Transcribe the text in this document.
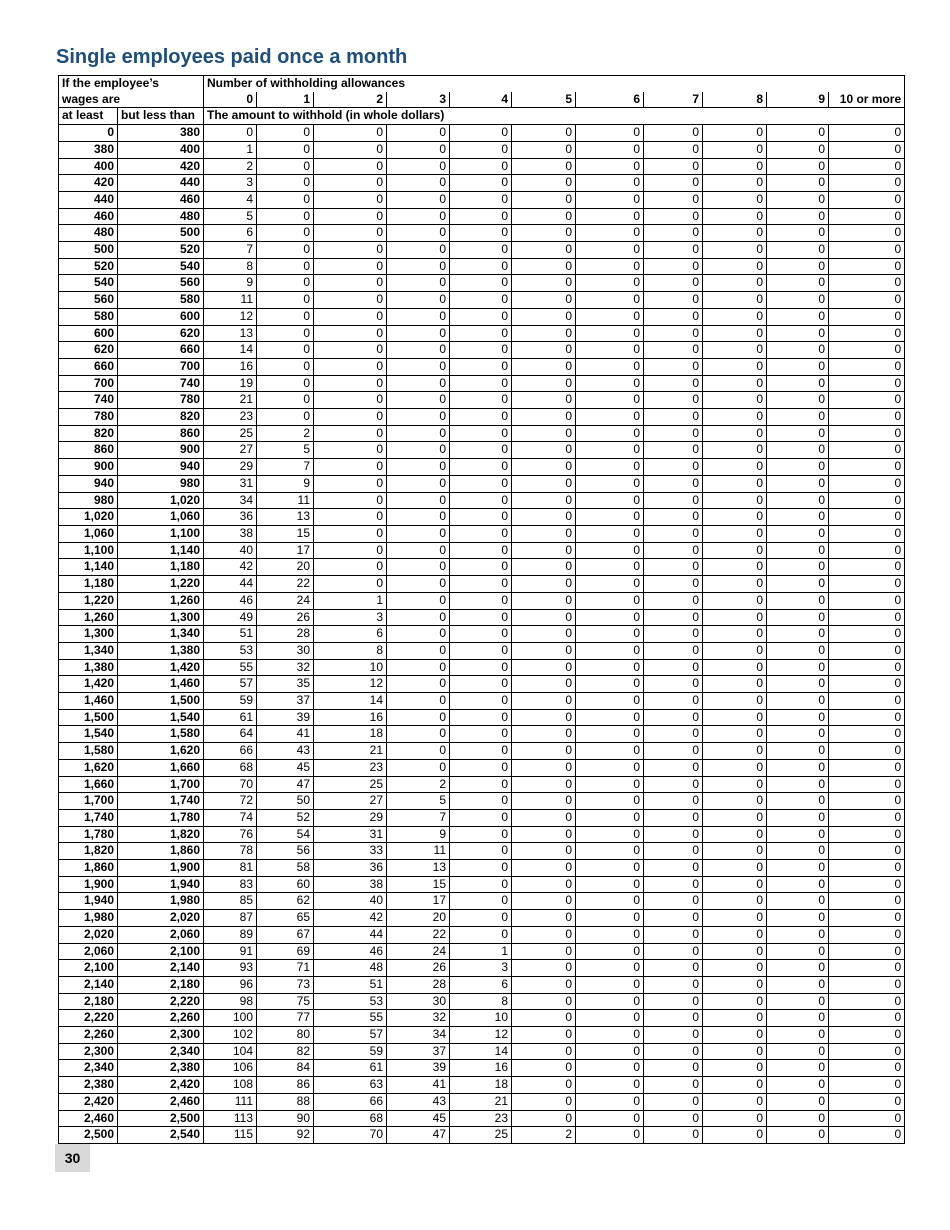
Single employees paid once a month
If the employee’s		Number of withholding allowances										
wages are		0	1	2	3	4	5	6	7	8	9	10 or more
at least	but less than	The amount to withhold (in whole dollars)										
0	380	0	0	0	0	0	0	0	0	0	0	0
380	400	1	0	0	0	0	0	0	0	0	0	0
400	420	2	0	0	0	0	0	0	0	0	0	0
420	440	3	0	0	0	0	0	0	0	0	0	0
440	460	4	0	0	0	0	0	0	0	0	0	0
460	480	5	0	0	0	0	0	0	0	0	0	0
480	500	6	0	0	0	0	0	0	0	0	0	0
500	520	7	0	0	0	0	0	0	0	0	0	0
520	540	8	0	0	0	0	0	0	0	0	0	0
540	560	9	0	0	0	0	0	0	0	0	0	0
560	580	11	0	0	0	0	0	0	0	0	0	0
580	600	12	0	0	0	0	0	0	0	0	0	0
600	620	13	0	0	0	0	0	0	0	0	0	0
620	660	14	0	0	0	0	0	0	0	0	0	0
660	700	16	0	0	0	0	0	0	0	0	0	0
700	740	19	0	0	0	0	0	0	0	0	0	0
740	780	21	0	0	0	0	0	0	0	0	0	0
780	820	23	0	0	0	0	0	0	0	0	0	0
820	860	25	2	0	0	0	0	0	0	0	0	0
860	900	27	5	0	0	0	0	0	0	0	0	0
900	940	29	7	0	0	0	0	0	0	0	0	0
940	980	31	9	0	0	0	0	0	0	0	0	0
980	1,020	34	11	0	0	0	0	0	0	0	0	0
1,020	1,060	36	13	0	0	0	0	0	0	0	0	0
1,060	1,100	38	15	0	0	0	0	0	0	0	0	0
1,100	1,140	40	17	0	0	0	0	0	0	0	0	0
1,140	1,180	42	20	0	0	0	0	0	0	0	0	0
1,180	1,220	44	22	0	0	0	0	0	0	0	0	0
1,220	1,260	46	24	1	0	0	0	0	0	0	0	0
1,260	1,300	49	26	3	0	0	0	0	0	0	0	0
1,300	1,340	51	28	6	0	0	0	0	0	0	0	0
1,340	1,380	53	30	8	0	0	0	0	0	0	0	0
1,380	1,420	55	32	10	0	0	0	0	0	0	0	0
1,420	1,460	57	35	12	0	0	0	0	0	0	0	0
1,460	1,500	59	37	14	0	0	0	0	0	0	0	0
1,500	1,540	61	39	16	0	0	0	0	0	0	0	0
1,540	1,580	64	41	18	0	0	0	0	0	0	0	0
1,580	1,620	66	43	21	0	0	0	0	0	0	0	0
1,620	1,660	68	45	23	0	0	0	0	0	0	0	0
1,660	1,700	70	47	25	2	0	0	0	0	0	0	0
1,700	1,740	72	50	27	5	0	0	0	0	0	0	0
1,740	1,780	74	52	29	7	0	0	0	0	0	0	0
1,780	1,820	76	54	31	9	0	0	0	0	0	0	0
1,820	1,860	78	56	33	11	0	0	0	0	0	0	0
1,860	1,900	81	58	36	13	0	0	0	0	0	0	0
1,900	1,940	83	60	38	15	0	0	0	0	0	0	0
1,940	1,980	85	62	40	17	0	0	0	0	0	0	0
1,980	2,020	87	65	42	20	0	0	0	0	0	0	0
2,020	2,060	89	67	44	22	0	0	0	0	0	0	0
2,060	2,100	91	69	46	24	1	0	0	0	0	0	0
2,100	2,140	93	71	48	26	3	0	0	0	0	0	0
2,140	2,180	96	73	51	28	6	0	0	0	0	0	0
2,180	2,220	98	75	53	30	8	0	0	0	0	0	0
2,220	2,260	100	77	55	32	10	0	0	0	0	0	0
2,260	2,300	102	80	57	34	12	0	0	0	0	0	0
2,300	2,340	104	82	59	37	14	0	0	0	0	0	0
2,340	2,380	106	84	61	39	16	0	0	0	0	0	0
2,380	2,420	108	86	63	41	18	0	0	0	0	0	0
2,420	2,460	111	88	66	43	21	0	0	0	0	0	0
2,460	2,500	113	90	68	45	23	0	0	0	0	0	0
2,500	2,540	115	92	70	47	25	2	0	0	0	0	0
30
